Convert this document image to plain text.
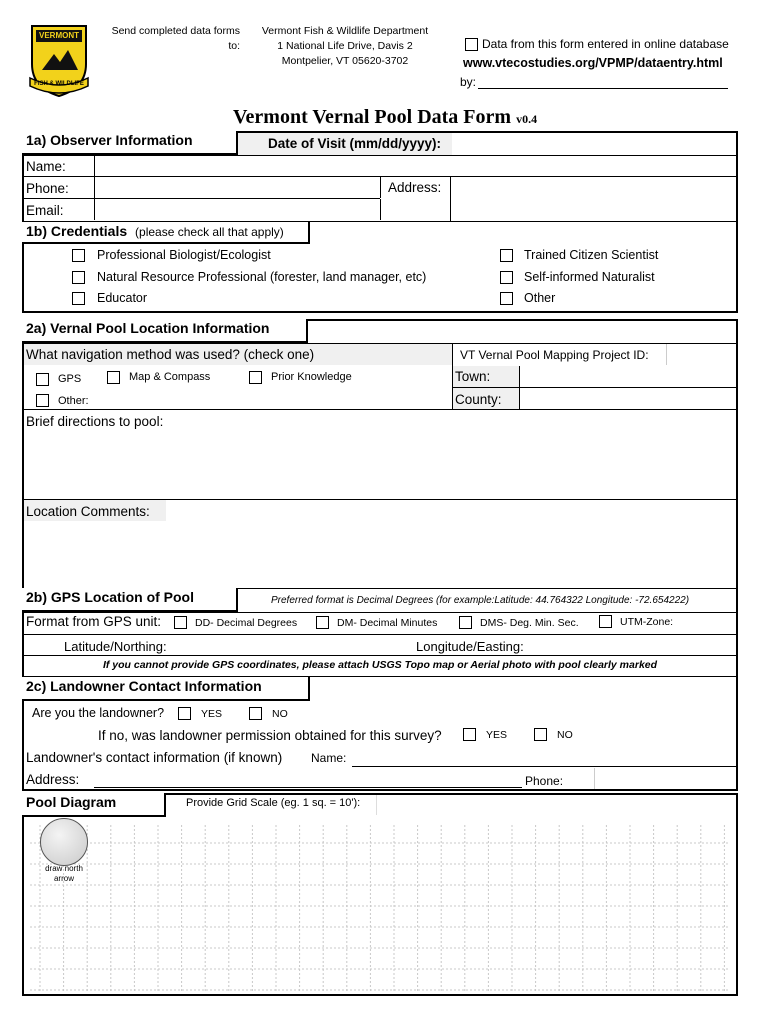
VERMONT
FISH & WILDLIFE
Send completed data forms
to:
Vermont Fish & Wildlife Department
1 National Life Drive, Davis 2
Montpelier, VT 05620-3702
Data from this form entered in online database
www.vtecostudies.org/VPMP/dataentry.html
by:
Vermont Vernal Pool Data Form v0.4
1a) Observer Information	Date of Visit (mm/dd/yyyy):
Name:
Phone:	Address:
Email:
1b) Credentials (please check all that apply)
Professional Biologist/Ecologist
Natural Resource Professional (forester, land manager, etc)
Educator
Trained Citizen Scientist
Self-informed Naturalist
Other
2a) Vernal Pool Location Information
What navigation method was used? (check one)	VT Vernal Pool Mapping Project ID:
GPS	Map & Compass	Prior Knowledge
Other:
Town:
County:
Brief directions to pool:
Location Comments:
2b) GPS Location of Pool	Preferred format is Decimal Degrees (for example:Latitude: 44.764322 Longitude: -72.654222)
Format from GPS unit:	DD- Decimal Degrees	DM- Decimal Minutes	DMS- Deg. Min. Sec.	UTM-Zone:
Latitude/Northing:	Longitude/Easting:
If you cannot provide GPS coordinates, please attach USGS Topo map or Aerial photo with pool clearly marked
2c) Landowner Contact Information
Are you the landowner?	YES	NO
If no, was landowner permission obtained for this survey?	YES	NO
Landowner's contact information (if known) Name:
Address:	Phone:
Pool Diagram	Provide Grid Scale (eg. 1 sq. = 10'):
draw north arrow
